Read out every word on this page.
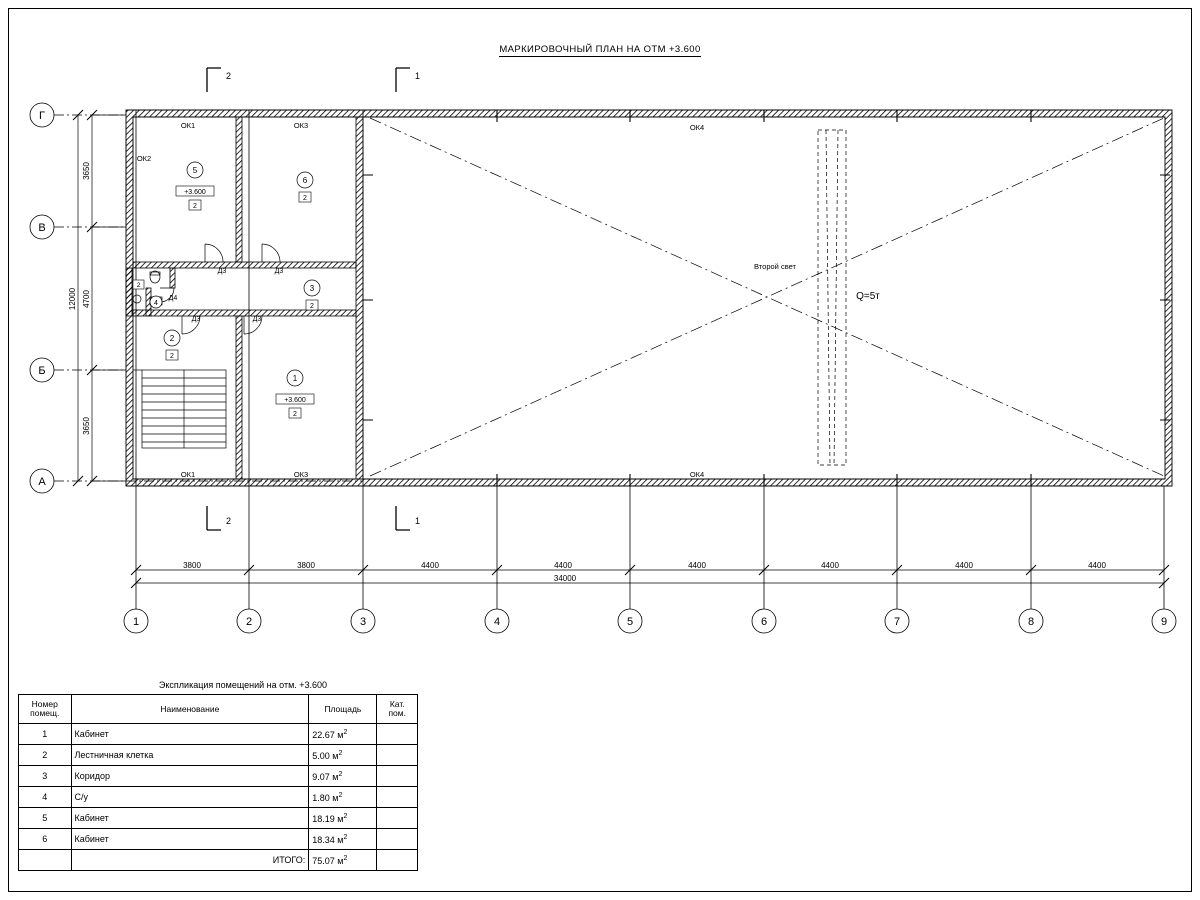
МАРКИРОВОЧНЫЙ ПЛАН НА ОТМ +3.600
2	1
2	1
Г
В
Б
А
1	2	3	4	5	6	7	8	9
3800	3800	4400	4400	4400	4400	4400	4400
34000
3650
4700
3650
12000
ОК1	ОК3	ОК4
ОК2
ОК1	ОК3	ОК4
Д3	Д3
Д4
Д3	Д3
Второй свет
Q=5т
5
+3.600
2
6
2
3
2
4
2
2
2
1
+3.600
2
Экспликация помещений на отм. +3.600
Номер помещ.	Наименование	Площадь	Кат. пом.
1	Кабинет	22.67 $м^2$	
2	Лестничная клетка	5.00 $м^2$	
3	Коридор	9.07 $м^2$	
4	С/у	1.80 $м^2$	
5	Кабинет	18.19 $м^2$	
6	Кабинет	18.34 $м^2$	
	ИТОГО:	75.07 $м^2$	
